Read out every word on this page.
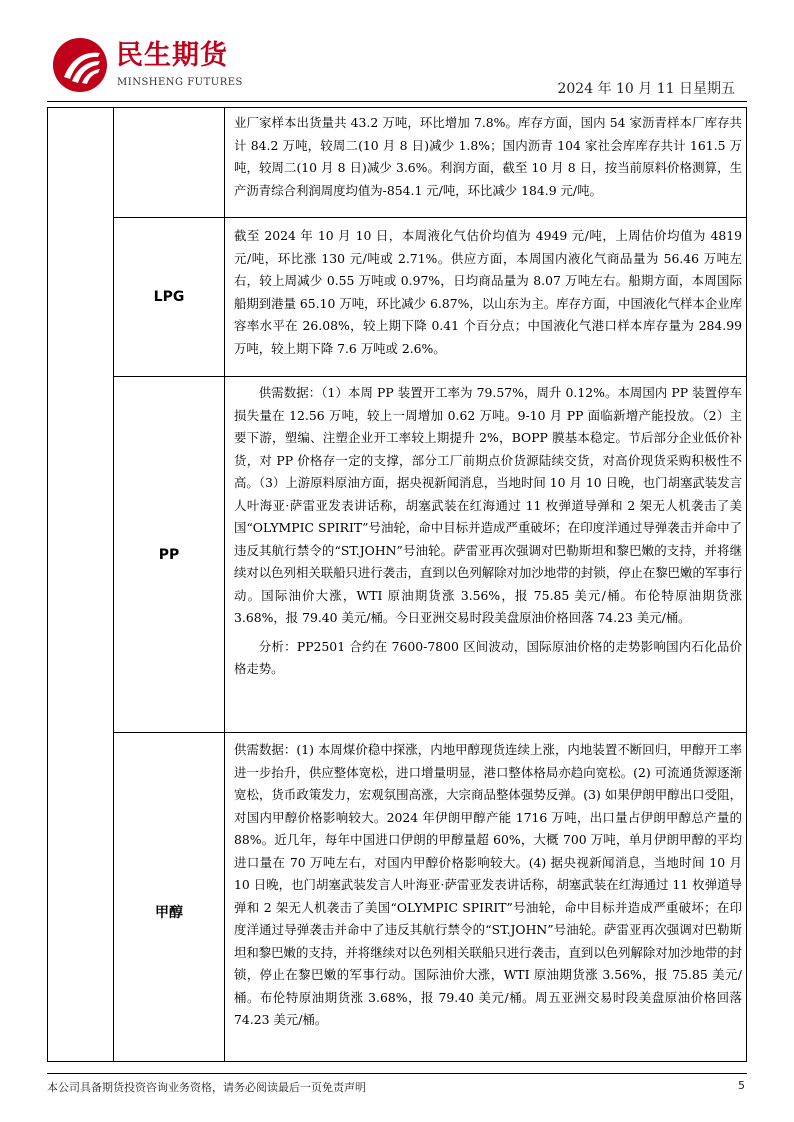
民生期货
MINSHENG FUTURES	2024 年 10 月 11 日星期五

业厂家样本出货量共 43.2 万吨，环比增加 7.8%。库存方面，国内 54 家沥青样本厂库存共计 84.2 万吨，较周二(10 月 8 日)减少 1.8%；国内沥青 104 家社会库库存共计 161.5 万吨，较周二(10 月 8 日)减少 3.6%。利润方面，截至 10 月 8 日，按当前原料价格测算，生产沥青综合利润周度均值为-854.1 元/吨，环比减少 184.9 元/吨。

LPG

截至 2024 年 10 月 10 日，本周液化气估价均值为 4949 元/吨，上周估价均值为 4819 元/吨，环比涨 130 元/吨或 2.71%。供应方面，本周国内液化气商品量为 56.46 万吨左右，较上周减少 0.55 万吨或 0.97%，日均商品量为 8.07 万吨左右。船期方面，本周国际船期到港量 65.10 万吨，环比减少 6.87%，以山东为主。库存方面，中国液化气样本企业库容率水平在 26.08%，较上期下降 0.41 个百分点；中国液化气港口样本库存量为 284.99 万吨，较上期下降 7.6 万吨或 2.6%。

PP

供需数据：（1）本周 PP 装置开工率为 79.57%，周升 0.12%。本周国内 PP 装置停车损失量在 12.56 万吨，较上一周增加 0.62 万吨。9-10 月 PP 面临新增产能投放。（2）主要下游，塑编、注塑企业开工率较上期提升 2%，BOPP 膜基本稳定。节后部分企业低价补货，对 PP 价格存一定的支撑，部分工厂前期点价货源陆续交货，对高价现货采购积极性不高。（3）上游原料原油方面，据央视新闻消息，当地时间 10 月 10 日晚，也门胡塞武装发言人叶海亚·萨雷亚发表讲话称，胡塞武装在红海通过 11 枚弹道导弹和 2 架无人机袭击了美国“OLYMPIC SPIRIT”号油轮，命中目标并造成严重破坏；在印度洋通过导弹袭击并命中了违反其航行禁令的“ST.JOHN”号油轮。萨雷亚再次强调对巴勒斯坦和黎巴嫩的支持，并将继续对以色列相关联船只进行袭击，直到以色列解除对加沙地带的封锁，停止在黎巴嫩的军事行动。国际油价大涨，WTI 原油期货涨 3.56%，报 75.85 美元/桶。布伦特原油期货涨 3.68%，报 79.40 美元/桶。今日亚洲交易时段美盘原油价格回落 74.23 美元/桶。

分析：PP2501 合约在 7600-7800 区间波动，国际原油价格的走势影响国内石化品价格走势。

甲醇

供需数据：(1) 本周煤价稳中探涨，内地甲醇现货连续上涨，内地装置不断回归，甲醇开工率进一步抬升，供应整体宽松，进口增量明显，港口整体格局亦趋向宽松。(2) 可流通货源逐渐宽松，货币政策发力，宏观氛围高涨，大宗商品整体强势反弹。(3) 如果伊朗甲醇出口受阻，对国内甲醇价格影响较大。2024 年伊朗甲醇产能 1716 万吨，出口量占伊朗甲醇总产量的 88%。近几年，每年中国进口伊朗的甲醇量超 60%，大概 700 万吨，单月伊朗甲醇的平均进口量在 70 万吨左右，对国内甲醇价格影响较大。(4) 据央视新闻消息，当地时间 10 月 10 日晚，也门胡塞武装发言人叶海亚·萨雷亚发表讲话称，胡塞武装在红海通过 11 枚弹道导弹和 2 架无人机袭击了美国“OLYMPIC SPIRIT”号油轮，命中目标并造成严重破坏；在印度洋通过导弹袭击并命中了违反其航行禁令的“ST.JOHN”号油轮。萨雷亚再次强调对巴勒斯坦和黎巴嫩的支持，并将继续对以色列相关联船只进行袭击，直到以色列解除对加沙地带的封锁，停止在黎巴嫩的军事行动。国际油价大涨，WTI 原油期货涨 3.56%，报 75.85 美元/桶。布伦特原油期货涨 3.68%，报 79.40 美元/桶。周五亚洲交易时段美盘原油价格回落 74.23 美元/桶。

本公司具备期货投资咨询业务资格，请务必阅读最后一页免责声明	5
